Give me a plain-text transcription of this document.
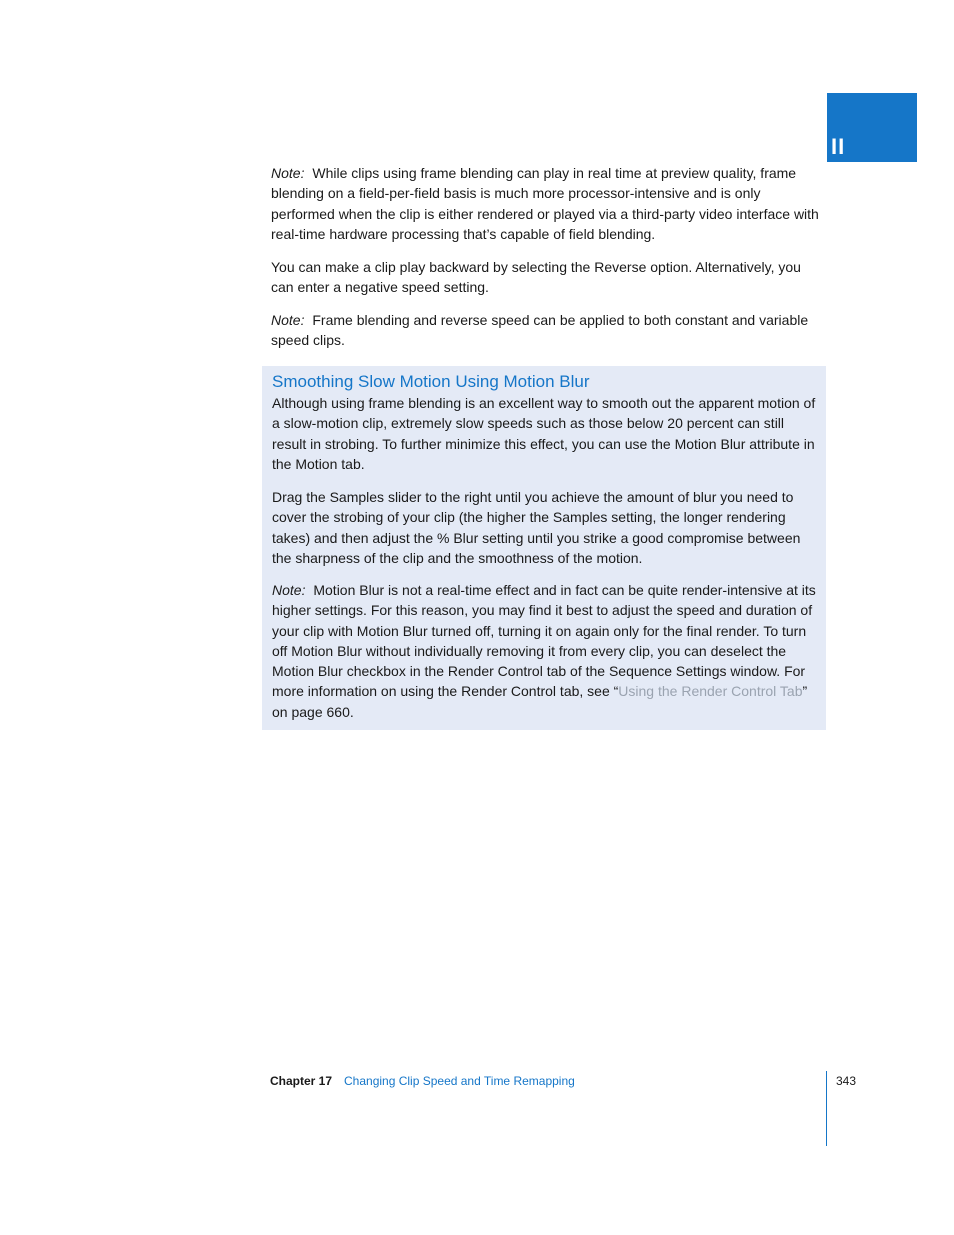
II

Note: While clips using frame blending can play in real time at preview quality, frame blending on a field-per-field basis is much more processor-intensive and is only performed when the clip is either rendered or played via a third-party video interface with real-time hardware processing that’s capable of field blending.

You can make a clip play backward by selecting the Reverse option. Alternatively, you can enter a negative speed setting.

Note: Frame blending and reverse speed can be applied to both constant and variable speed clips.

Smoothing Slow Motion Using Motion Blur

Although using frame blending is an excellent way to smooth out the apparent motion of a slow-motion clip, extremely slow speeds such as those below 20 percent can still result in strobing. To further minimize this effect, you can use the Motion Blur attribute in the Motion tab.

Drag the Samples slider to the right until you achieve the amount of blur you need to cover the strobing of your clip (the higher the Samples setting, the longer rendering takes) and then adjust the % Blur setting until you strike a good compromise between the sharpness of the clip and the smoothness of the motion.

Note: Motion Blur is not a real-time effect and in fact can be quite render-intensive at its higher settings. For this reason, you may find it best to adjust the speed and duration of your clip with Motion Blur turned off, turning it on again only for the final render. To turn off Motion Blur without individually removing it from every clip, you can deselect the Motion Blur checkbox in the Render Control tab of the Sequence Settings window. For more information on using the Render Control tab, see “Using the Render Control Tab” on page 660.

Chapter 17 Changing Clip Speed and Time Remapping	343
